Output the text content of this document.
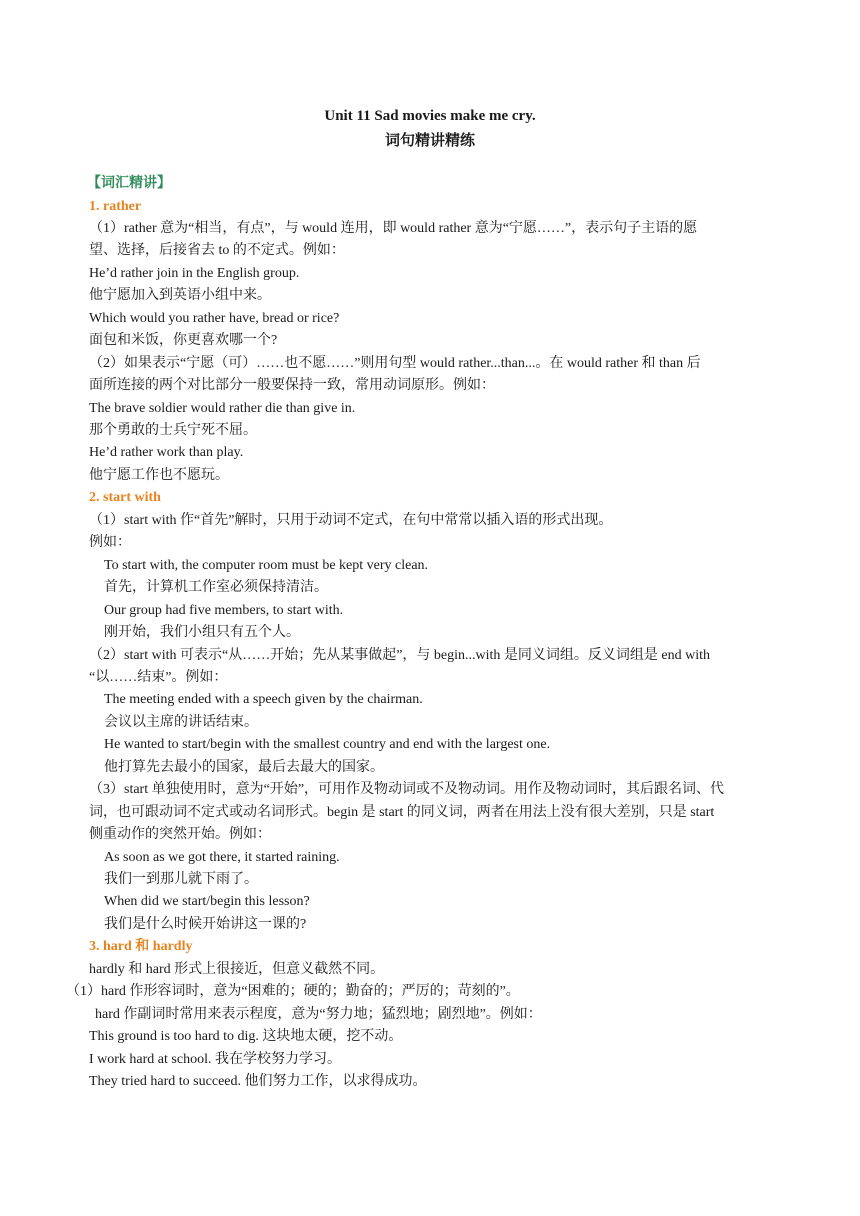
Unit 11 Sad movies make me cry.
词句精讲精练
【词汇精讲】
1. rather
（1）rather 意为“相当，有点”，与 would 连用，即 would rather 意为“宁愿……”，表示句子主语的愿
望、选择，后接省去 to 的不定式。例如：
He’d rather join in the English group.
他宁愿加入到英语小组中来。
Which would you rather have, bread or rice?
面包和米饭，你更喜欢哪一个?
（2）如果表示“宁愿（可）……也不愿……”则用句型 would rather...than...。在 would rather 和 than 后
面所连接的两个对比部分一般要保持一致，常用动词原形。例如：
The brave soldier would rather die than give in.
那个勇敢的士兵宁死不屈。
He’d rather work than play.
他宁愿工作也不愿玩。
2. start with
（1）start with 作“首先”解时，只用于动词不定式，在句中常常以插入语的形式出现。
例如：
To start with, the computer room must be kept very clean.
首先，计算机工作室必须保持清洁。
Our group had five members, to start with.
刚开始，我们小组只有五个人。
（2）start with 可表示“从……开始；先从某事做起”，与 begin...with 是同义词组。反义词组是 end with
“以……结束”。例如：
The meeting ended with a speech given by the chairman.
会议以主席的讲话结束。
He wanted to start/begin with the smallest country and end with the largest one.
他打算先去最小的国家，最后去最大的国家。
（3）start 单独使用时，意为“开始”，可用作及物动词或不及物动词。用作及物动词时，其后跟名词、代
词，也可跟动词不定式或动名词形式。begin 是 start 的同义词，两者在用法上没有很大差别，只是 start
侧重动作的突然开始。例如：
As soon as we got there, it started raining.
我们一到那儿就下雨了。
When did we start/begin this lesson?
我们是什么时候开始讲这一课的?
3. hard 和 hardly
hardly 和 hard 形式上很接近，但意义截然不同。
（1）hard 作形容词时，意为“困难的；硬的；勤奋的；严厉的；苛刻的”。
hard 作副词时常用来表示程度，意为“努力地；猛烈地；剧烈地”。例如：
This ground is too hard to dig. 这块地太硬，挖不动。
I work hard at school. 我在学校努力学习。
They tried hard to succeed. 他们努力工作，以求得成功。
